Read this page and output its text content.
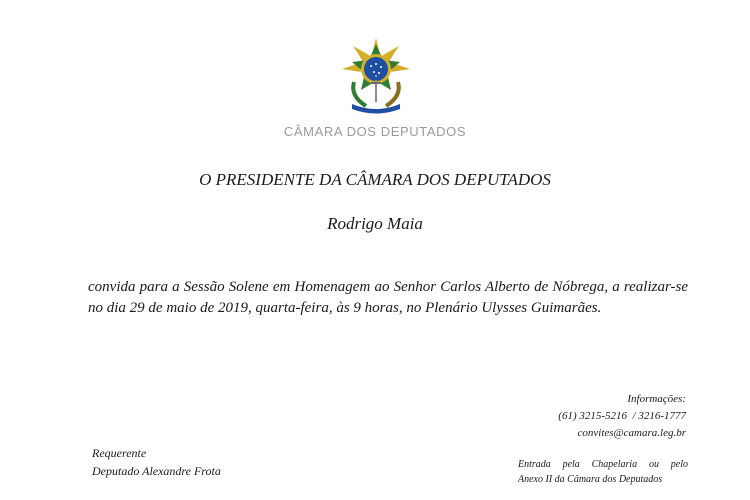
CÂMARA DOS DEPUTADOS
O PRESIDENTE DA CÂMARA DOS DEPUTADOS
Rodrigo Maia

convida para a Sessão Solene em Homenagem ao Senhor Carlos Alberto de Nóbrega, a realizar-se no dia 29 de maio de 2019, quarta-feira, às 9 horas, no Plenário Ulysses Guimarães.

Informações:
(61) 3215-5216  / 3216-1777
convites@camara.leg.br
Requerente
Deputado Alexandre Frota	Entrada pela Chapelaria ou pelo
Anexo II da Câmara dos Deputados
